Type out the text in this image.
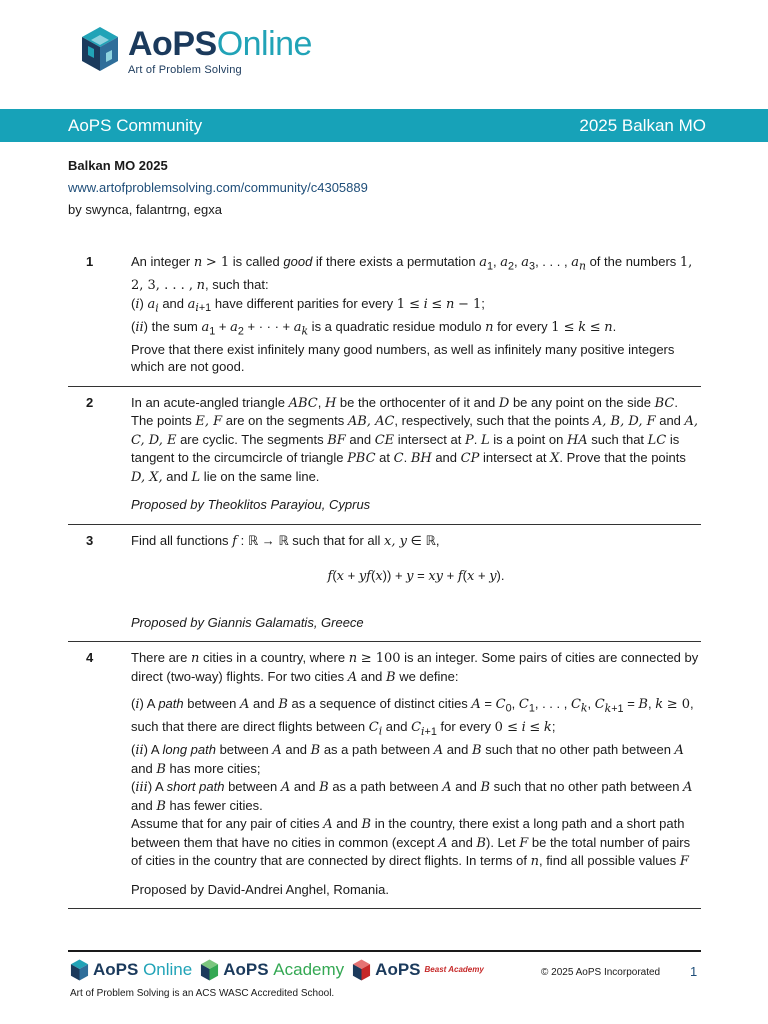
AoPSOnline
Art of Problem Solving
AoPS Community	2025 Balkan MO
Balkan MO 2025
www.artofproblemsolving.com/community/c4305889
by swynca, falantrng, egxa
1	An integer n > 1 is called good if there exists a permutation $a_1$, $a_2$, $a_3$, . . . , $a_n$ of the numbers 1, 2, 3, . . . , n, such that:
(i) $a_i$ and $a_{i+1}$ have different parities for every 1 ≤ i ≤ n − 1;
(ii) the sum $a_1 + a_2$ + · · · + $a_k$ is a quadratic residue modulo n for every 1 ≤ k ≤ n.
Prove that there exist infinitely many good numbers, as well as infinitely many positive integers which are not good.
2	In an acute-angled triangle ABC, H be the orthocenter of it and D be any point on the side BC. The points E, F are on the segments AB, AC, respectively, such that the points A, B, D, F and A, C, D, E are cyclic. The segments BF and CE intersect at P. L is a point on HA such that LC is tangent to the circumcircle of triangle PBC at C. BH and CP intersect at X. Prove that the points D, X, and L lie on the same line.
Proposed by Theoklitos Parayiou, Cyprus
3	Find all functions f : ℝ → ℝ such that for all x, y ∈ ℝ,
f(x + yf(x)) + y = xy + f(x + y).
Proposed by Giannis Galamatis, Greece
4	There are n cities in a country, where n ≥ 100 is an integer. Some pairs of cities are connected by direct (two-way) flights. For two cities A and B we define:
(i) A path between A and B as a sequence of distinct cities $A = C_0$, $C_1$, . . . , $C_k$, $C_{k+1} = B$, k ≥ 0, such that there are direct flights between $C_i$ and $C_{i+1}$ for every 0 ≤ i ≤ k;
(ii) A long path between A and B as a path between A and B such that no other path between A and B has more cities;
(iii) A short path between A and B as a path between A and B such that no other path between A and B has fewer cities.
Assume that for any pair of cities A and B in the country, there exist a long path and a short path between them that have no cities in common (except A and B). Let F be the total number of pairs of cities in the country that are connected by direct flights. In terms of n, find all possible values F
Proposed by David-Andrei Anghel, Romania.
AoPS
Online AoPS
Academy AoPS Beast Academy	© 2025 AoPS Incorporated 1
Art of Problem Solving is an ACS WASC Accredited School.
